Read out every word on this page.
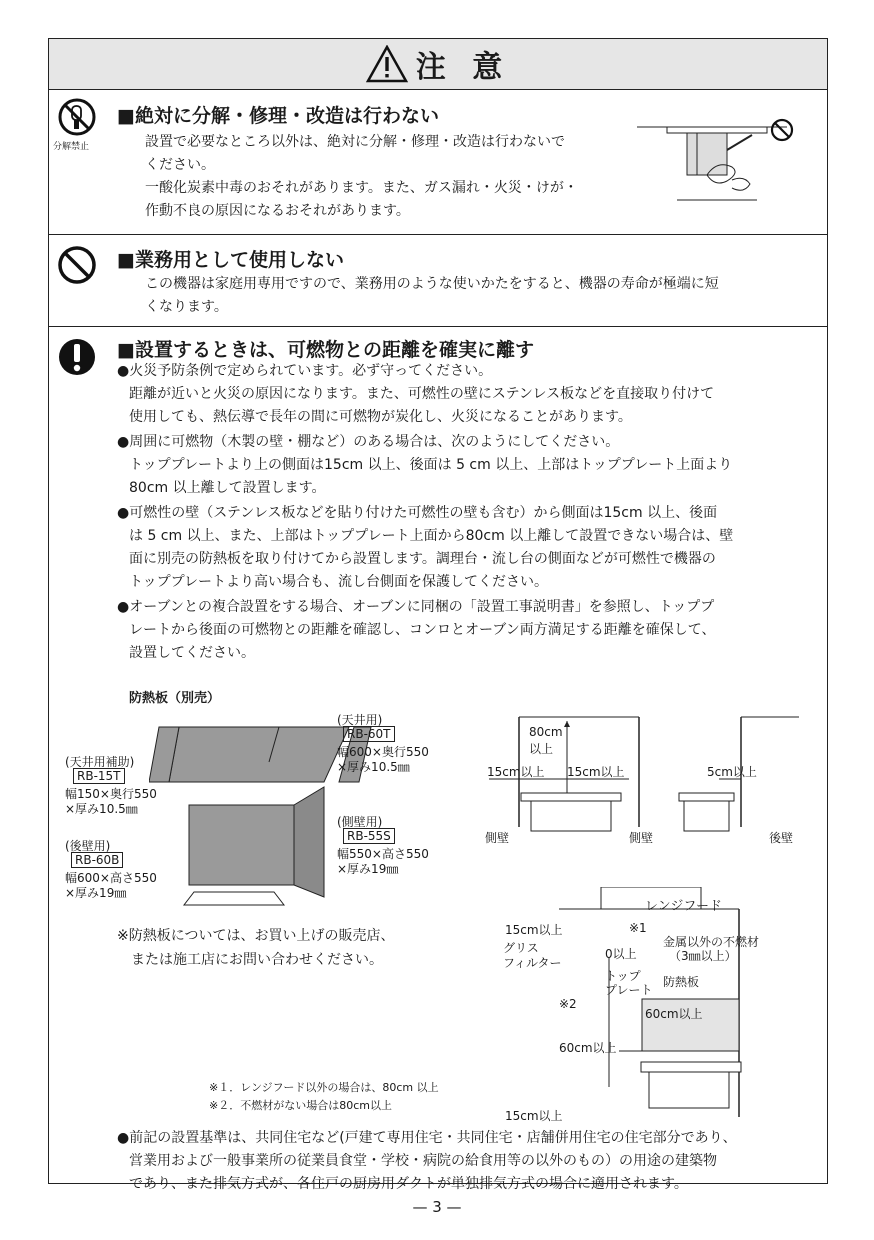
注 意
分解禁止
■絶対に分解・修理・改造は行わない
設置で必要なところ以外は、絶対に分解・修理・改造は行わないで
ください。
一酸化炭素中毒のおそれがあります。また、ガス漏れ・火災・けが・
作動不良の原因になるおそれがあります。
■業務用として使用しない
この機器は家庭用専用ですので、業務用のような使いかたをすると、機器の寿命が極端に短
くなります。
■設置するときは、可燃物との距離を確実に離す
●火災予防条例で定められています。必ず守ってください。
距離が近いと火災の原因になります。また、可燃性の壁にステンレス板などを直接取り付けて
使用しても、熱伝導で長年の間に可燃物が炭化し、火災になることがあります。
●周囲に可燃物（木製の壁・棚など）のある場合は、次のようにしてください。
トッププレートより上の側面は15cm 以上、後面は 5 cm 以上、上部はトッププレート上面より
80cm 以上離して設置します。
●可燃性の壁（ステンレス板などを貼り付けた可燃性の壁も含む）から側面は15cm 以上、後面
は 5 cm 以上、また、上部はトッププレート上面から80cm 以上離して設置できない場合は、壁
面に別売の防熱板を取り付けてから設置します。調理台・流し台の側面などが可燃性で機器の
トッププレートより高い場合も、流し台側面を保護してください。
●オーブンとの複合設置をする場合、オーブンに同梱の「設置工事説明書」を参照し、トッププ
レートから後面の可燃物との距離を確認し、コンロとオーブン両方満足する距離を確保して、
設置してください。
防熱板（別売）
(天井用)
RB-60T
幅600×奥行550
×厚み10.5㎜
(天井用補助)
RB-15T
幅150×奥行550
×厚み10.5㎜
(側壁用)
RB-55S
幅550×高さ550
×厚み19㎜
(後壁用)
RB-60B
幅600×高さ550
×厚み19㎜
※防熱板については、お買い上げの販売店、
または施工店にお問い合わせください。
80cm
以上
15cm以上 15cm以上	5cm以上
側壁	側壁	後壁
レンジフード
15cm以上	※1
金属以外の不燃材
（3㎜以上）
グリス
フィルター
0以上
トップ
プレート
防熱板
60cm以上
※2
60cm以上
15cm以上
※１．レンジフード以外の場合は、80cm 以上
※２．不燃材がない場合は80cm以上
●前記の設置基準は、共同住宅など(戸建て専用住宅・共同住宅・店舗併用住宅の住宅部分であり、
営業用および一般事業所の従業員食堂・学校・病院の給食用等の以外のもの）の用途の建築物
であり、また排気方式が、各住戸の厨房用ダクトが単独排気方式の場合に適用されます。
— 3 —
